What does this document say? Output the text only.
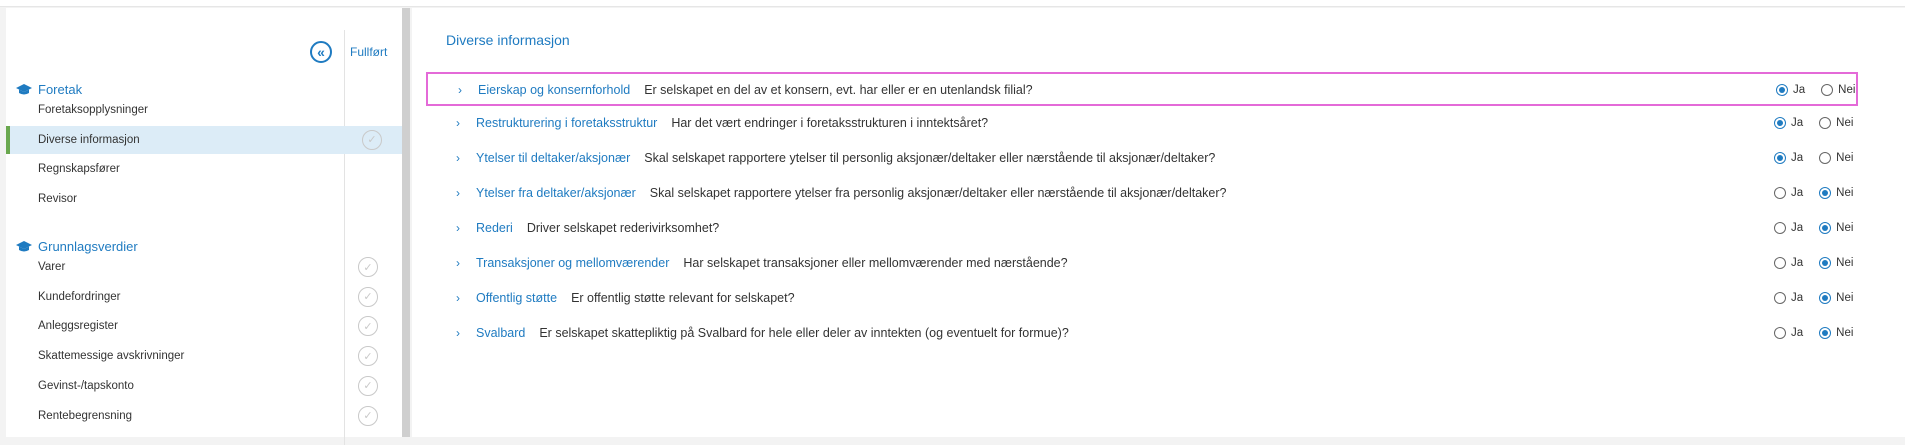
« Fullført
Foretak
Foretaksopplysninger
Diverse informasjon	✓
Regnskapsfører
Revisor
Grunnlagsverdier
Varer	✓
Kundefordringer	✓
Anleggsregister	✓
Skattemessige avskrivninger	✓
Gevinst-/tapskonto	✓
Rentebegrensning	✓
Diverse informasjon
› Eierskap og konsernforhold Er selskapet en del av et konsern, evt. har eller er en utenlandsk filial?	Ja	Nei
› Restrukturering i foretaksstruktur Har det vært endringer i foretaksstrukturen i inntektsåret?	Ja	Nei
› Ytelser til deltaker/aksjonær Skal selskapet rapportere ytelser til personlig aksjonær/deltaker eller nærstående til aksjonær/deltaker?	Ja	Nei
› Ytelser fra deltaker/aksjonær Skal selskapet rapportere ytelser fra personlig aksjonær/deltaker eller nærstående til aksjonær/deltaker?	Ja	Nei
› Rederi Driver selskapet rederivirksomhet?	Ja	Nei
› Transaksjoner og mellomværender Har selskapet transaksjoner eller mellomværender med nærstående?	Ja	Nei
› Offentlig støtte Er offentlig støtte relevant for selskapet?	Ja	Nei
› Svalbard Er selskapet skattepliktig på Svalbard for hele eller deler av inntekten (og eventuelt for formue)?	Ja	Nei
